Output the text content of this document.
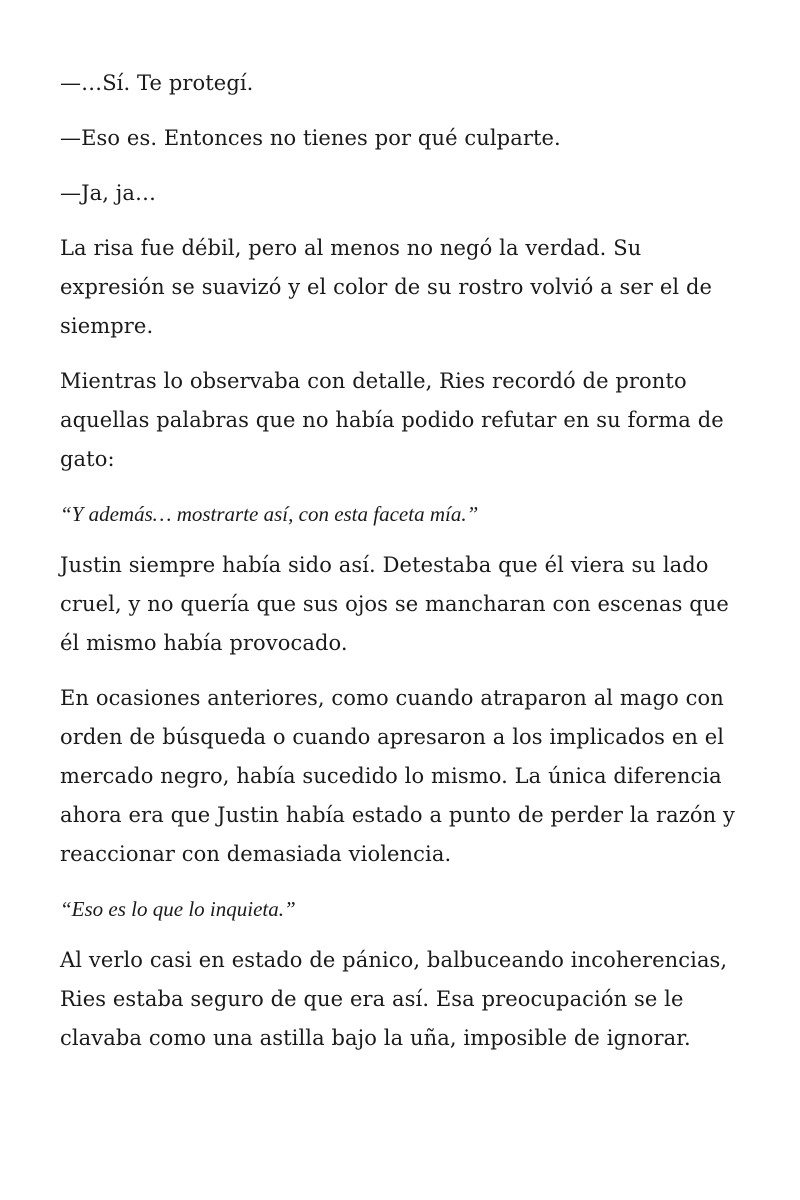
—…Sí. Te protegí.

—Eso es. Entonces no tienes por qué culparte.

—Ja, ja…

La risa fue débil, pero al menos no negó la verdad. Su expresión se suavizó y el color de su rostro volvió a ser el de siempre.

Mientras lo observaba con detalle, Ries recordó de pronto aquellas palabras que no había podido refutar en su forma de gato:

“Y además… mostrarte así, con esta faceta mía.”

Justin siempre había sido así. Detestaba que él viera su lado cruel, y no quería que sus ojos se mancharan con escenas que él mismo había provocado.

En ocasiones anteriores, como cuando atraparon al mago con orden de búsqueda o cuando apresaron a los implicados en el mercado negro, había sucedido lo mismo. La única diferencia ahora era que Justin había estado a punto de perder la razón y reaccionar con demasiada violencia.

“Eso es lo que lo inquieta.”

Al verlo casi en estado de pánico, balbuceando incoherencias, Ries estaba seguro de que era así. Esa preocupación se le clavaba como una astilla bajo la uña, imposible de ignorar.
